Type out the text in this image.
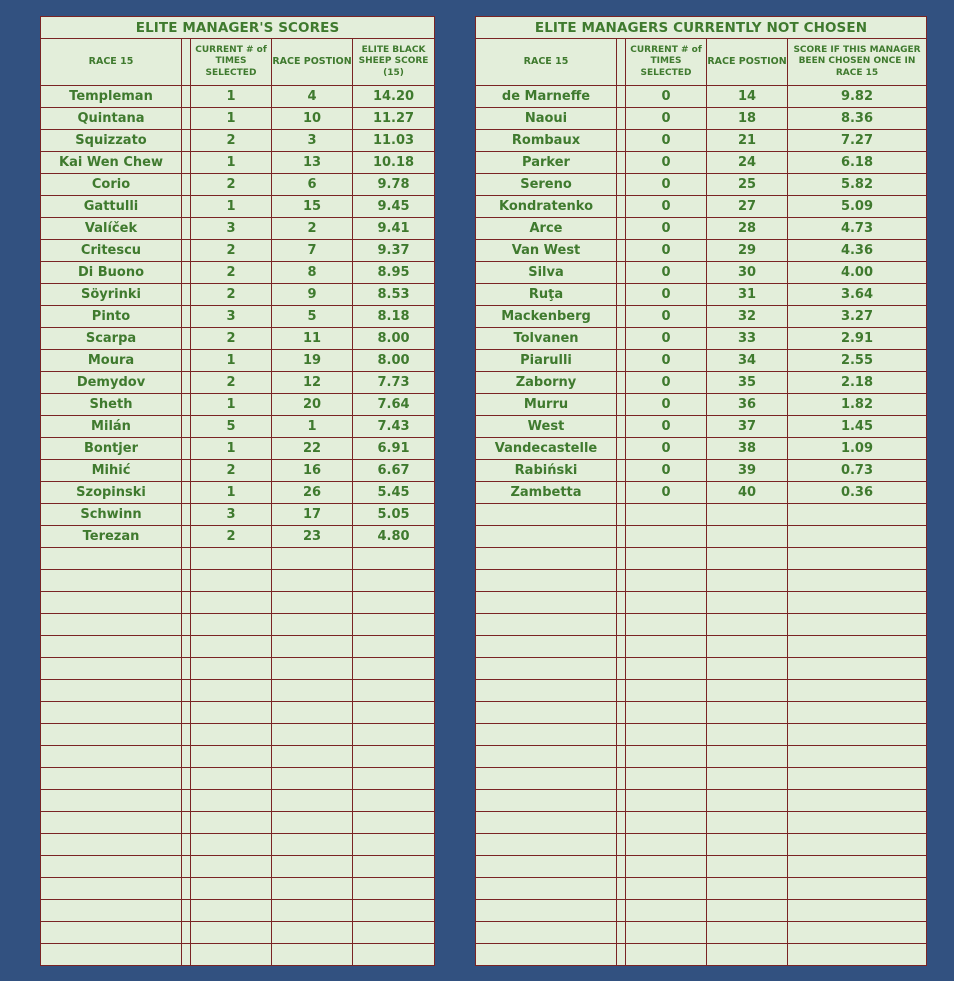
ELITE MANAGER'S SCORES				
RACE 15		CURRENT # of TIMES SELECTED	RACE POSTION	ELITE BLACK SHEEP SCORE (15)
Templeman		1	4	14.20
Quintana		1	10	11.27
Squizzato		2	3	11.03
Kai Wen Chew		1	13	10.18
Corio		2	6	9.78
Gattulli		1	15	9.45
Valíček		3	2	9.41
Critescu		2	7	9.37
Di Buono		2	8	8.95
Söyrinki		2	9	8.53
Pinto		3	5	8.18
Scarpa		2	11	8.00
Moura		1	19	8.00
Demydov		2	12	7.73
Sheth		1	20	7.64
Milán		5	1	7.43
Bontjer		1	22	6.91
Mihić		2	16	6.67
Szopinski		1	26	5.45
Schwinn		3	17	5.05
Terezan		2	23	4.80

ELITE MANAGERS CURRENTLY NOT CHOSEN				
RACE 15		CURRENT # of TIMES SELECTED	RACE POSTION	SCORE IF THIS MANAGER BEEN CHOSEN ONCE IN RACE 15
de Marneffe		0	14	9.82
Naoui		0	18	8.36
Rombaux		0	21	7.27
Parker		0	24	6.18
Sereno		0	25	5.82
Kondratenko		0	27	5.09
Arce		0	28	4.73
Van West		0	29	4.36
Silva		0	30	4.00
Ruţa		0	31	3.64
Mackenberg		0	32	3.27
Tolvanen		0	33	2.91
Piarulli		0	34	2.55
Zaborny		0	35	2.18
Murru		0	36	1.82
West		0	37	1.45
Vandecastelle		0	38	1.09
Rabiński		0	39	0.73
Zambetta		0	40	0.36
